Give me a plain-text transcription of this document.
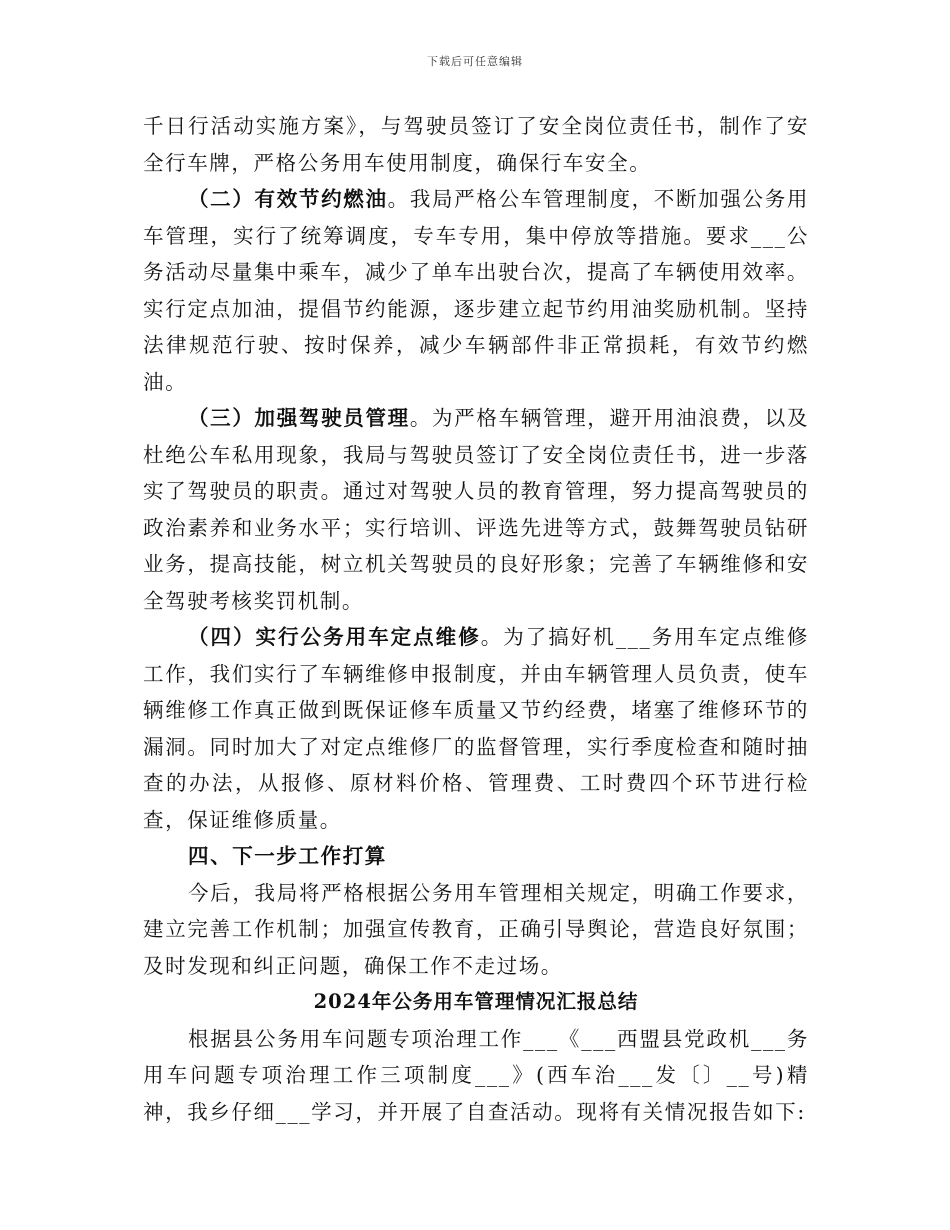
下载后可任意编辑

千日行活动实施方案》，与驾驶员签订了安全岗位责任书，制作了安全行车牌，严格公务用车使用制度，确保行车安全。

（二）有效节约燃油。我局严格公车管理制度，不断加强公务用车管理，实行了统筹调度，专车专用，集中停放等措施。要求___公务活动尽量集中乘车，减少了单车出驶台次，提高了车辆使用效率。实行定点加油，提倡节约能源，逐步建立起节约用油奖励机制。坚持法律规范行驶、按时保养，减少车辆部件非正常损耗，有效节约燃油。

（三）加强驾驶员管理。为严格车辆管理，避开用油浪费，以及杜绝公车私用现象，我局与驾驶员签订了安全岗位责任书，进一步落实了驾驶员的职责。通过对驾驶人员的教育管理，努力提高驾驶员的政治素养和业务水平；实行培训、评选先进等方式，鼓舞驾驶员钻研业务，提高技能，树立机关驾驶员的良好形象；完善了车辆维修和安全驾驶考核奖罚机制。

（四）实行公务用车定点维修。为了搞好机___务用车定点维修工作，我们实行了车辆维修申报制度，并由车辆管理人员负责，使车辆维修工作真正做到既保证修车质量又节约经费，堵塞了维修环节的漏洞。同时加大了对定点维修厂的监督管理，实行季度检查和随时抽查的办法，从报修、原材料价格、管理费、工时费四个环节进行检查，保证维修质量。

四、下一步工作打算

今后，我局将严格根据公务用车管理相关规定，明确工作要求，建立完善工作机制；加强宣传教育，正确引导舆论，营造良好氛围；及时发现和纠正问题，确保工作不走过场。

2024年公务用车管理情况汇报总结

根据县公务用车问题专项治理工作___《___西盟县党政机___务用车问题专项治理工作三项制度___》(西车治___发〔〕__号)精神，我乡仔细___学习，并开展了自查活动。现将有关情况报告如下:
